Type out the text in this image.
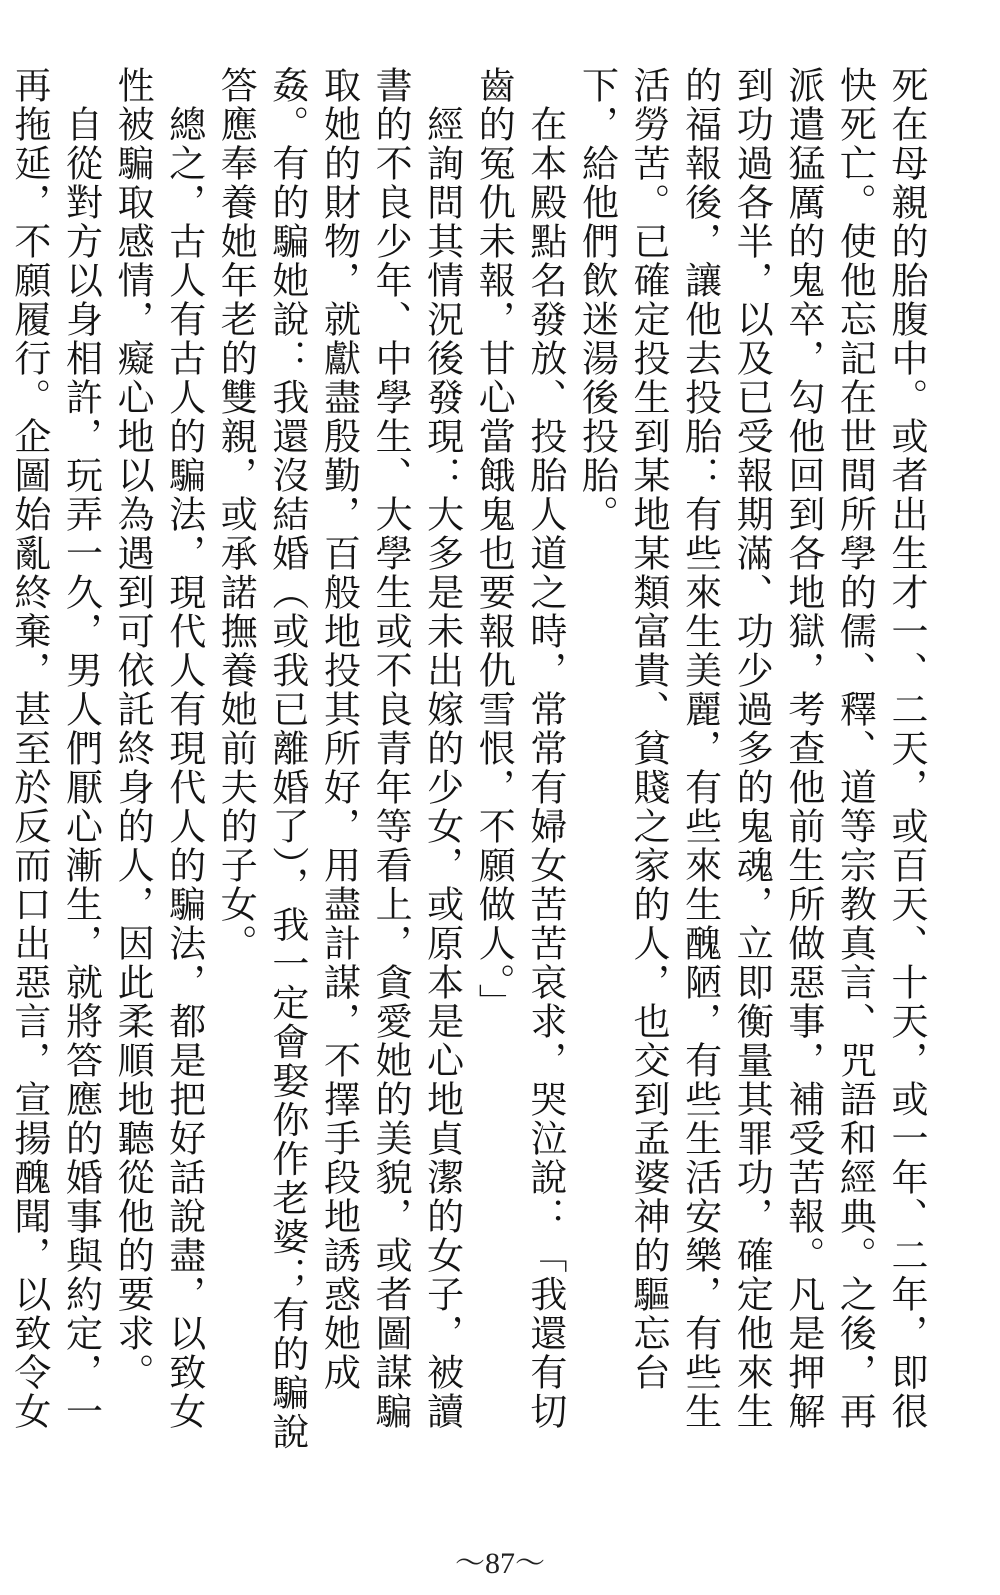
死在母親的胎腹中。或者出生才一、二天，或百天、十天，或一年、二年，即很快死亡。使他忘記在世間所學的儒、釋、道等宗教真言、咒語和經典。之後，再派遣猛厲的鬼卒，勾他回到各地獄，考查他前生所做惡事，補受苦報。凡是押解到功過各半，以及已受報期滿、功少過多的鬼魂，立即衡量其罪功，確定他來生的福報後，讓他去投胎：有些來生美麗，有些來生醜陋，有些生活安樂，有些生活勞苦。已確定投生到某地某類富貴、貧賤之家的人，也交到孟婆神的驅忘台下，給他們飲迷湯後投胎。

　在本殿點名發放、投胎人道之時，常常有婦女苦苦哀求，哭泣說：「我還有切齒的冤仇未報，甘心當餓鬼也要報仇雪恨，不願做人。」

　經詢問其情況後發現：大多是未出嫁的少女，或原本是心地貞潔的女子，被讀書的不良少年、中學生、大學生或不良青年等看上，貪愛她的美貌，或者圖謀騙取她的財物，就獻盡殷勤，百般地投其所好，用盡計謀，不擇手段地誘惑她成姦。有的騙她說：我還沒結婚（或我已離婚了），我一定會娶你作老婆；有的騙說答應奉養她年老的雙親，或承諾撫養她前夫的子女。

　總之，古人有古人的騙法，現代人有現代人的騙法，都是把好話說盡，以致女性被騙取感情，癡心地以為遇到可依託終身的人，因此柔順地聽從他的要求。

　自從對方以身相許，玩弄一久，男人們厭心漸生，就將答應的婚事與約定，一再拖延，不願履行。企圖始亂終棄，甚至於反而口出惡言，宣揚醜聞，以致令女

～87～
